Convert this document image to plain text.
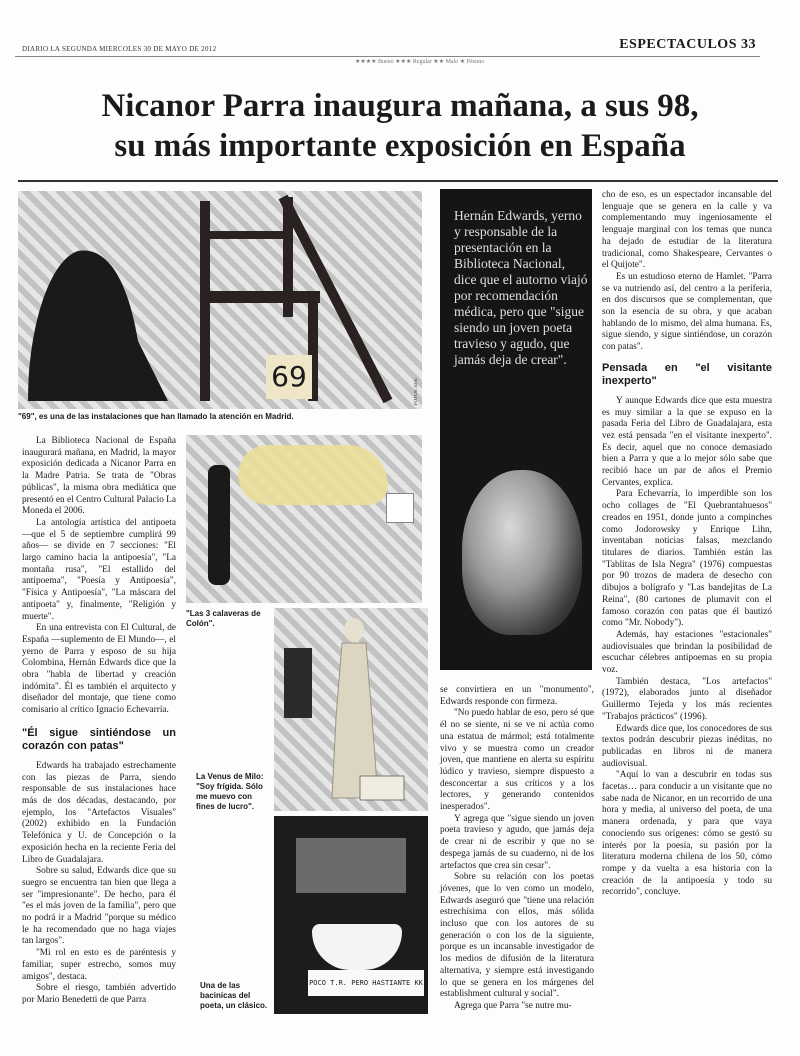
DIARIO LA SEGUNDA MIERCOLES 30 DE MAYO DE 2012	ESPECTACULOS 33
★★★★ Bueno ★★★ Regular ★★ Malo ★ Pésimo
Nicanor Parra inaugura mañana, a sus 98,
su más importante exposición en España
69	FOTOS: EFE
"69", es una de las instalaciones que han llamado la atención en Madrid.
Hernán Edwards, yerno y responsable de la presentación en la Biblioteca Nacional, dice que el autorno viajó por recomendación médica, pero que "sigue siendo un joven poeta travieso y agudo, que jamás deja de crear".

La Biblioteca Nacional de España inaugurará mañana, en Madrid, la mayor exposición dedicada a Nicanor Parra en la Madre Patria. Se trata de "Obras públicas", la misma obra mediática que presentó en el Centro Cultural Palacio La Moneda el 2006.

La antología artística del antipoeta —que el 5 de septiembre cumplirá 99 años— se divide en 7 secciones: "El largo camino hacia la antipoesía", "La montaña rusa", "El estallido del antipoema", "Poesía y Antipoesía", "Física y Antipoesía", "La máscara del antipoeta" y, finalmente, "Religión y muerte".

En una entrevista con El Cultural, de España —suplemento de El Mundo—, el yerno de Parra y esposo de su hija Colombina, Hernán Edwards dice que la obra "habla de libertad y creación indómita". Él es también el arquitecto y diseñador del montaje, que tiene como comisario al crítico Ignacio Echevarría.

"Él sigue sintiéndose un corazón con patas"

Edwards ha trabajado estrechamente con las piezas de Parra, siendo responsable de sus instalaciones hace más de dos décadas, destacando, por ejemplo, los "Artefactos Visuales" (2002) exhibido en la Fundación Telefónica y U. de Concepción o la exposición hecha en la reciente Feria del Libro de Guadalajara.

Sobre su salud, Edwards dice que su suegro se encuentra tan bien que llega a ser "impresionante". De hecho, para él "es el más joven de la familia", pero que no podrá ir a Madrid "porque su médico le ha recomendado que no haga viajes tan largos".

"Mi rol en esto es de paréntesis y familiar, super estrecho, somos muy amigos", destaca.

Sobre el riesgo, también advertido por Mario Benedetti de que Parra

"Las 3 calaveras de Colón".
La Venus de Milo: "Soy frígida. Sólo me muevo con fines de lucro".
POCO T.R. PERO HASTIANTE KK
Una de las bacinicas del poeta, un clásico.

se convirtiera en un "monumento", Edwards responde con firmeza.

"No puedo hablar de eso, pero sé que él no se siente, ni se ve ni actúa como una estatua de mármol; está totalmente vivo y se muestra como un creador joven, que mantiene en alerta su espíritu lúdico y travieso, siempre dispuesto a desconcertar a sus críticos y a los lectores, y generando contenidos inesperados".

Y agrega que "sigue siendo un joven poeta travieso y agudo, que jamás deja de crear ni de escribir y que no se despega jamás de su cuaderno, ni de los artefactos que crea sin cesar".

Sobre su relación con los poetas jóvenes, que lo ven como un modelo, Edwards aseguró que "tiene una relación estrechísima con ellos, más sólida incluso que con los autores de su generación o con los de la siguiente, porque es un incansable investigador de los medios de difusión de la literatura alternativa, y siempre está investigando lo que se genera en los márgenes del establishment cultural y social".

Agrega que Parra "se nutre mu-

cho de eso, es un espectador incansable del lenguaje que se genera en la calle y va complementando muy ingeniosamente el lenguaje marginal con los temas que nunca ha dejado de estudiar de la literatura tradicional, como Shakespeare, Cervantes o el Quijote".

Es un estudioso eterno de Hamlet. "Parra se va nutriendo así, del centro a la periferia, en dos discursos que se complementan, que son la esencia de su obra, y que acaban hablando de lo mismo, del alma humana. Es, sigue siendo, y sigue sintiéndose, un corazón con patas".

Pensada en "el visitante inexperto"

Y aunque Edwards dice que esta muestra es muy similar a la que se expuso en la pasada Feria del Libro de Guadalajara, esta vez está pensada "en el visitante inexperto". Es decir, aquel que no conoce demasiado bien a Parra y que a lo mejor sólo sabe que recibió hace un par de años el Premio Cervantes, explica.

Para Echevarría, lo imperdible son los ocho collages de "El Quebrantahuesos" creados en 1951, donde junto a compinches como Jodorowsky y Enrique Lihn, inventaban noticias falsas, mezclando titulares de diarios. También están las "Tablitas de Isla Negra" (1976) compuestas por 90 trozos de madera de desecho con dibujos a bolígrafo y "Las bandejitas de La Reina", (80 cartones de plumavit con el famoso corazón con patas que él bautizó como "Mr. Nobody").

Además, hay estaciones "estacionales" audiovisuales que brindan la posibilidad de escuchar célebres antipoemas en su propia voz.

También destaca, "Los artefactos" (1972), elaborados junto al diseñador Guillermo Tejeda y los más recientes "Trabajos prácticos" (1996).

Edwards dice que, los conocedores de sus textos podrán descubrir piezas inéditas, no publicadas en libros ni de manera audiovisual.

"Aquí lo van a descubrir en todas sus facetas… para conducir a un visitante que no sabe nada de Nicanor, en un recorrido de una hora y media, al universo del poeta, de una manera ordenada, y para que vaya conociendo sus orígenes: cómo se gestó su interés por la poesía, su pasión por la literatura moderna chilena de los 50, cómo rompe y da vuelta a esa historia con la creación de la antipoesía y todo su recorrido", concluye.
